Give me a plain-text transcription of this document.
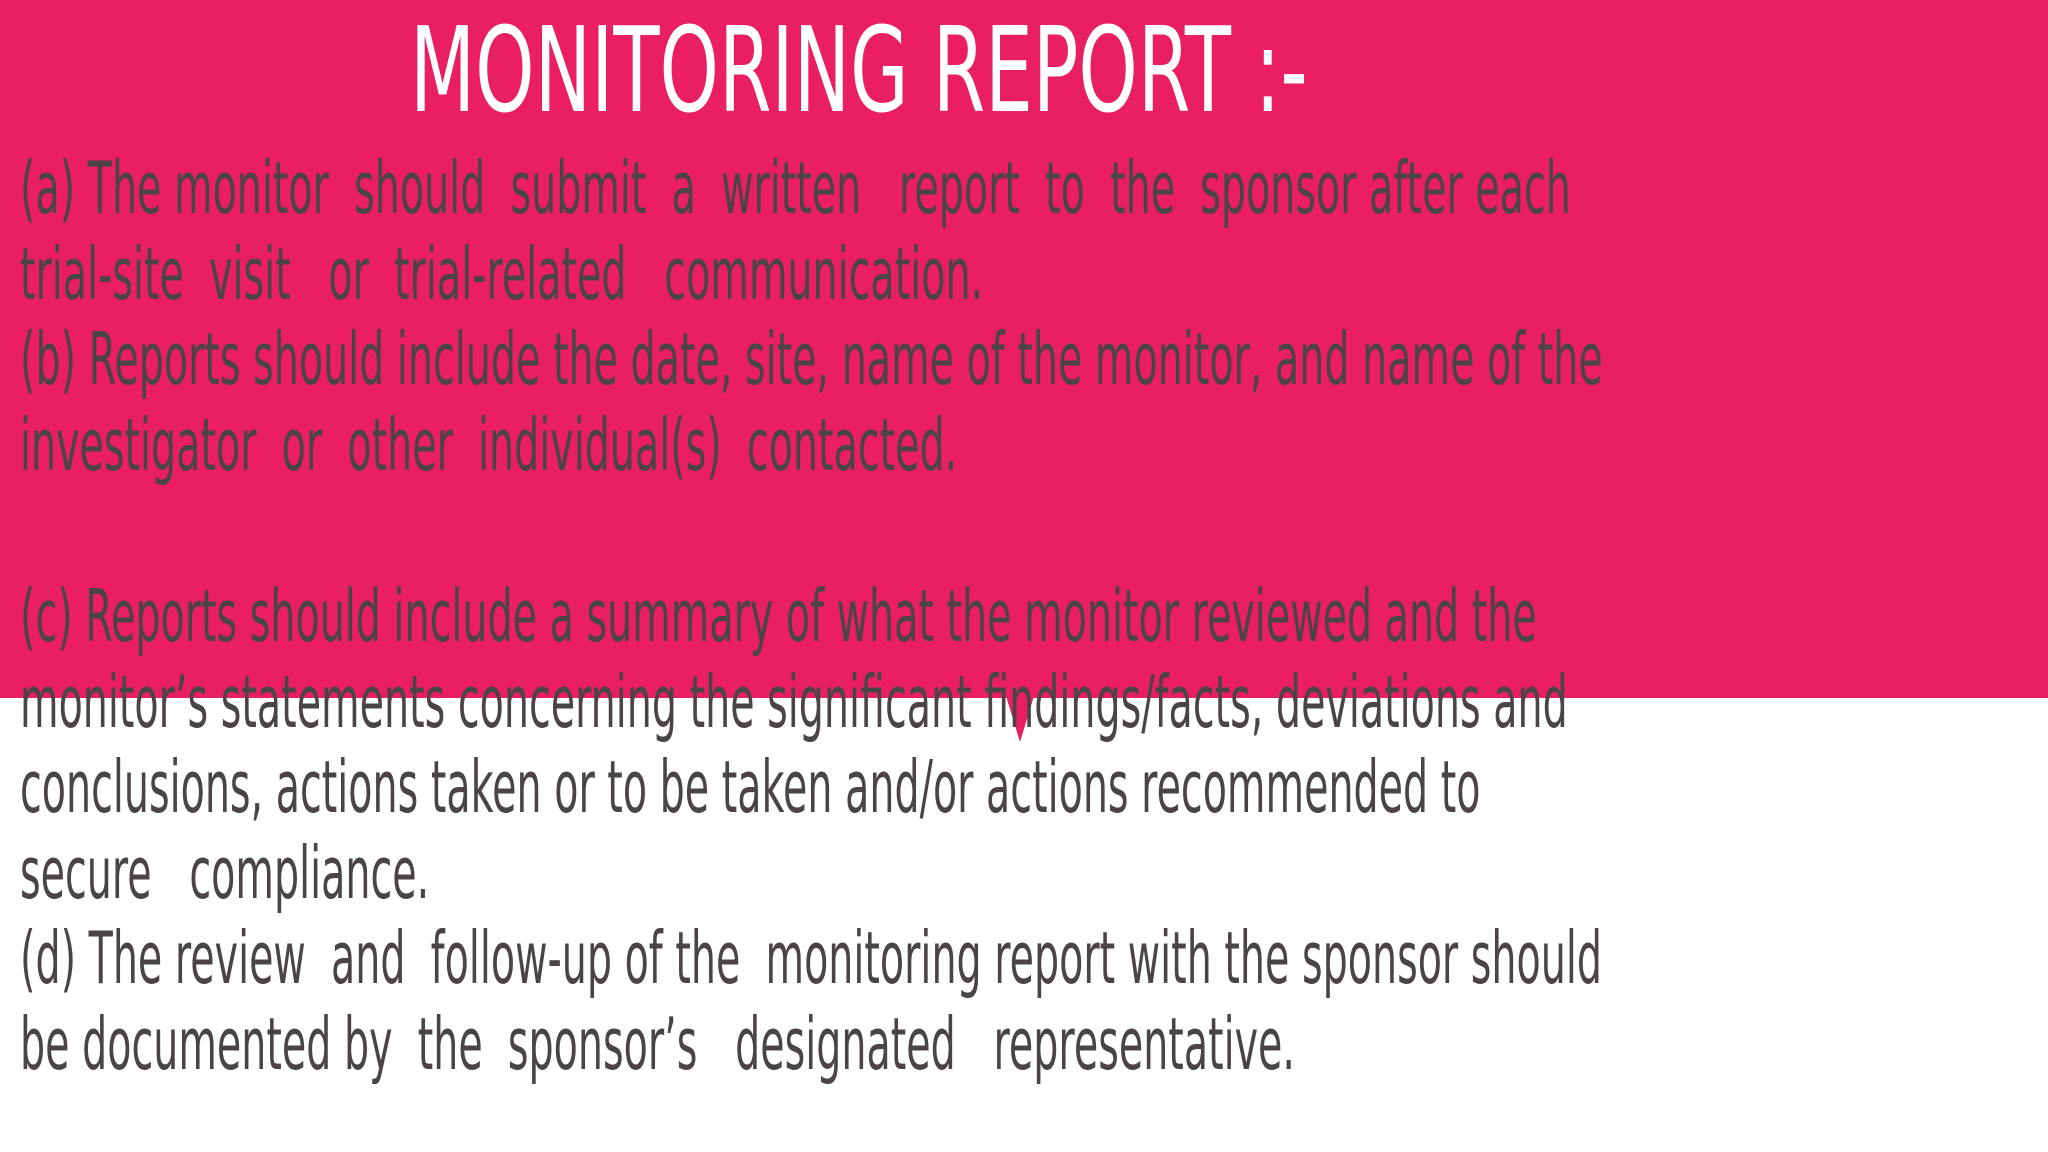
MONITORING REPORT :-

(a) The monitor  should  submit  a  written   report  to  the  sponsor after each

trial-site  visit   or  trial-related   communication.

(b) Reports should include the date, site, name of the monitor, and name of the

investigator  or  other  individual(s)  contacted.

(c) Reports should include a summary of what the monitor reviewed and the

monitor’s statements concerning the significant findings/facts, deviations and

conclusions, actions taken or to be taken and/or actions recommended to

secure   compliance.

(d) The review  and  follow-up of the  monitoring report with the sponsor should

be documented by  the  sponsor’s   designated   representative.
